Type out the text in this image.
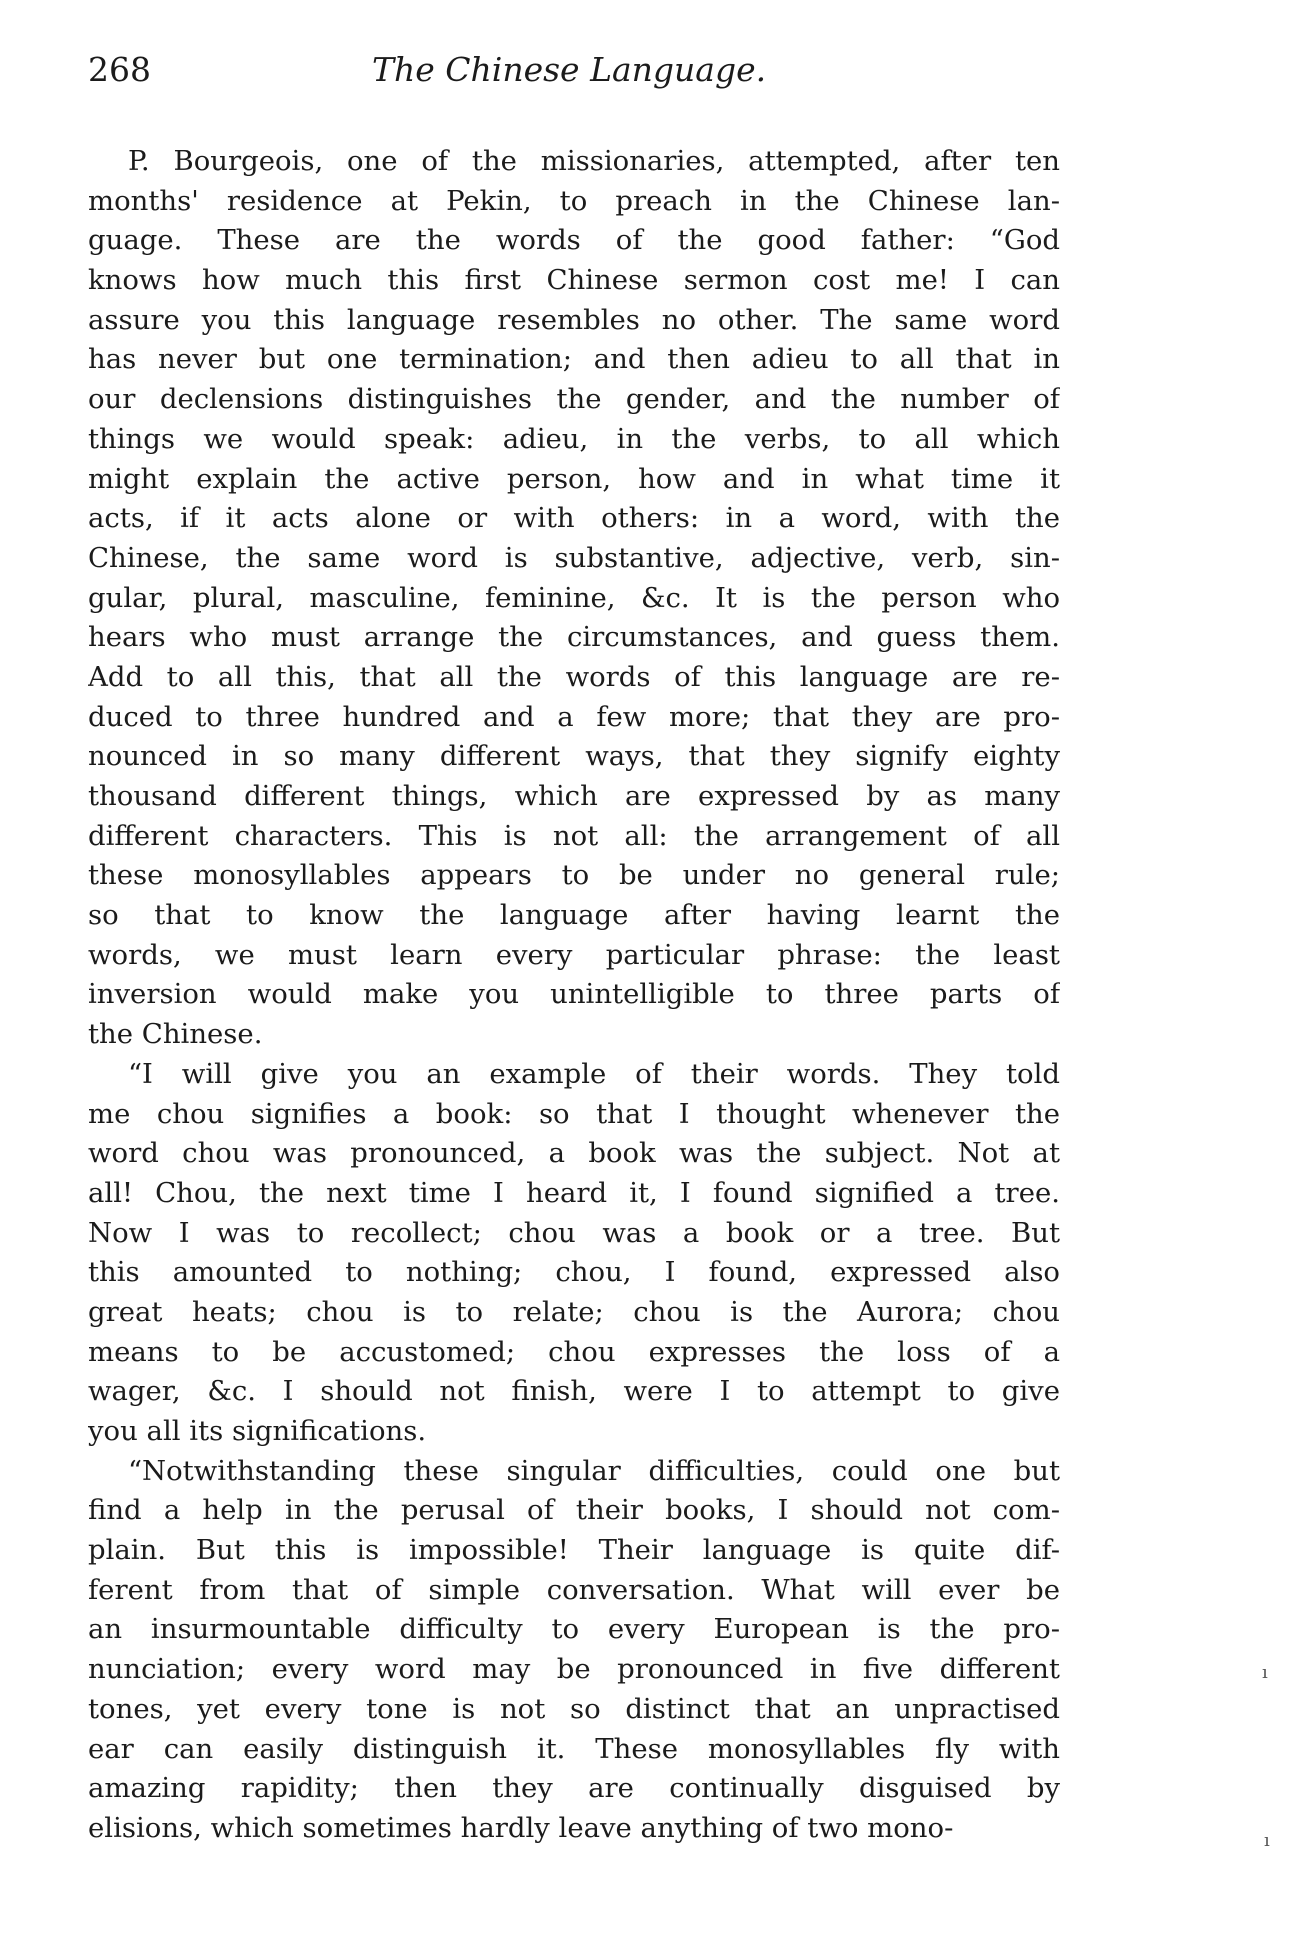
268	The Chinese Language.
P. Bourgeois, one of the missionaries, attempted, after ten
months' residence at Pekin, to preach in the Chinese lan-
guage. These are the words of the good father: “God
knows how much this first Chinese sermon cost me! I can
assure you this language resembles no other. The same word
has never but one termination; and then adieu to all that in
our declensions distinguishes the gender, and the number of
things we would speak: adieu, in the verbs, to all which
might explain the active person, how and in what time it
acts, if it acts alone or with others: in a word, with the
Chinese, the same word is substantive, adjective, verb, sin-
gular, plural, masculine, feminine, &c. It is the person who
hears who must arrange the circumstances, and guess them.
Add to all this, that all the words of this language are re-
duced to three hundred and a few more; that they are pro-
nounced in so many different ways, that they signify eighty
thousand different things, which are expressed by as many
different characters. This is not all: the arrangement of all
these monosyllables appears to be under no general rule;
so that to know the language after having learnt the
words, we must learn every particular phrase: the least
inversion would make you unintelligible to three parts of
the Chinese.
“I will give you an example of their words. They told
me chou signifies a book: so that I thought whenever the
word chou was pronounced, a book was the subject. Not at
all! Chou, the next time I heard it, I found signified a tree.
Now I was to recollect; chou was a book or a tree. But
this amounted to nothing; chou, I found, expressed also
great heats; chou is to relate; chou is the Aurora; chou
means to be accustomed; chou expresses the loss of a
wager, &c. I should not finish, were I to attempt to give
you all its significations.
“Notwithstanding these singular difficulties, could one but
find a help in the perusal of their books, I should not com-
plain. But this is impossible! Their language is quite dif-
ferent from that of simple conversation. What will ever be
an insurmountable difficulty to every European is the pro-
nunciation; every word may be pronounced in five different
tones, yet every tone is not so distinct that an unpractised
ear can easily distinguish it. These monosyllables fly with
amazing rapidity; then they are continually disguised by
elisions, which sometimes hardly leave anything of two mono-
ı
ı
